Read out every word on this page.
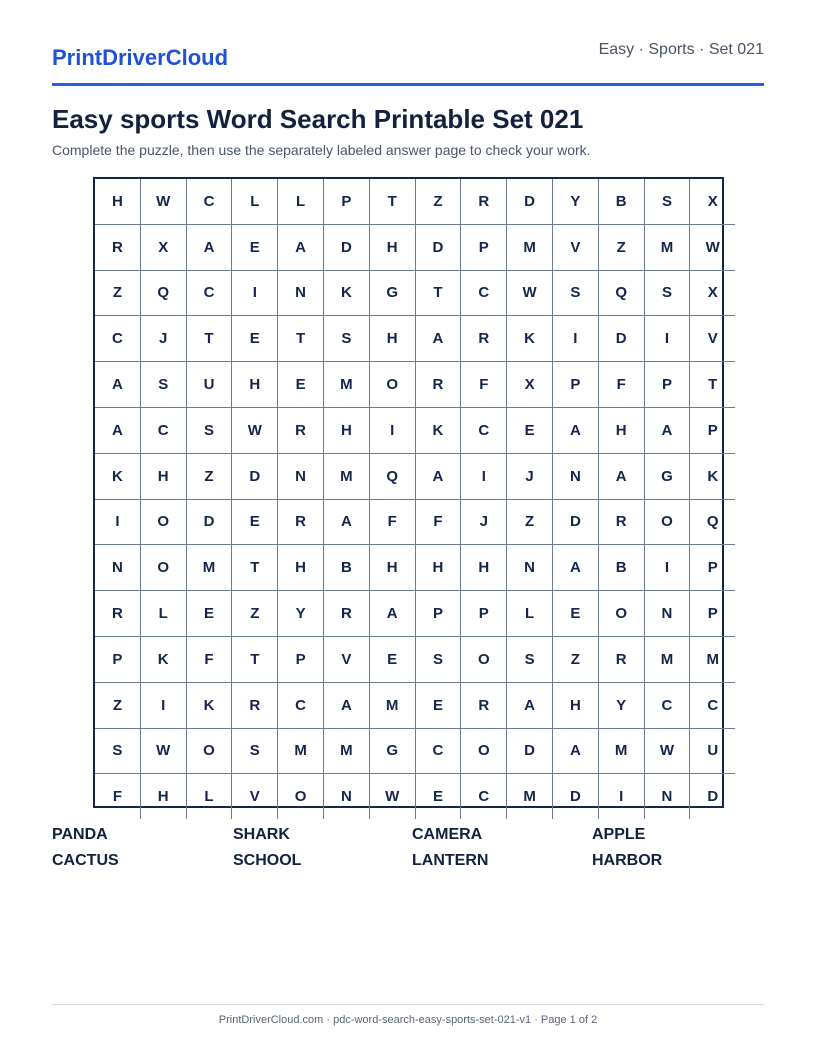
PrintDriverCloud	Easy · Sports · Set 021
Easy sports Word Search Printable Set 021
Complete the puzzle, then use the separately labeled answer page to check your work.
H	W	C	L	L	P	T	Z	R	D	Y	B	S	X
R	X	A	E	A	D	H	D	P	M	V	Z	M	W
Z	Q	C	I	N	K	G	T	C	W	S	Q	S	X
C	J	T	E	T	S	H	A	R	K	I	D	I	V
A	S	U	H	E	M	O	R	F	X	P	F	P	T
A	C	S	W	R	H	I	K	C	E	A	H	A	P
K	H	Z	D	N	M	Q	A	I	J	N	A	G	K
I	O	D	E	R	A	F	F	J	Z	D	R	O	Q
N	O	M	T	H	B	H	H	H	N	A	B	I	P
R	L	E	Z	Y	R	A	P	P	L	E	O	N	P
P	K	F	T	P	V	E	S	O	S	Z	R	M	M
Z	I	K	R	C	A	M	E	R	A	H	Y	C	C
S	W	O	S	M	M	G	C	O	D	A	M	W	U
F	H	L	V	O	N	W	E	C	M	D	I	N	D
PANDA	SHARK	CAMERA	APPLE
CACTUS	SCHOOL	LANTERN	HARBOR
PrintDriverCloud.com · pdc-word-search-easy-sports-set-021-v1 · Page 1 of 2
